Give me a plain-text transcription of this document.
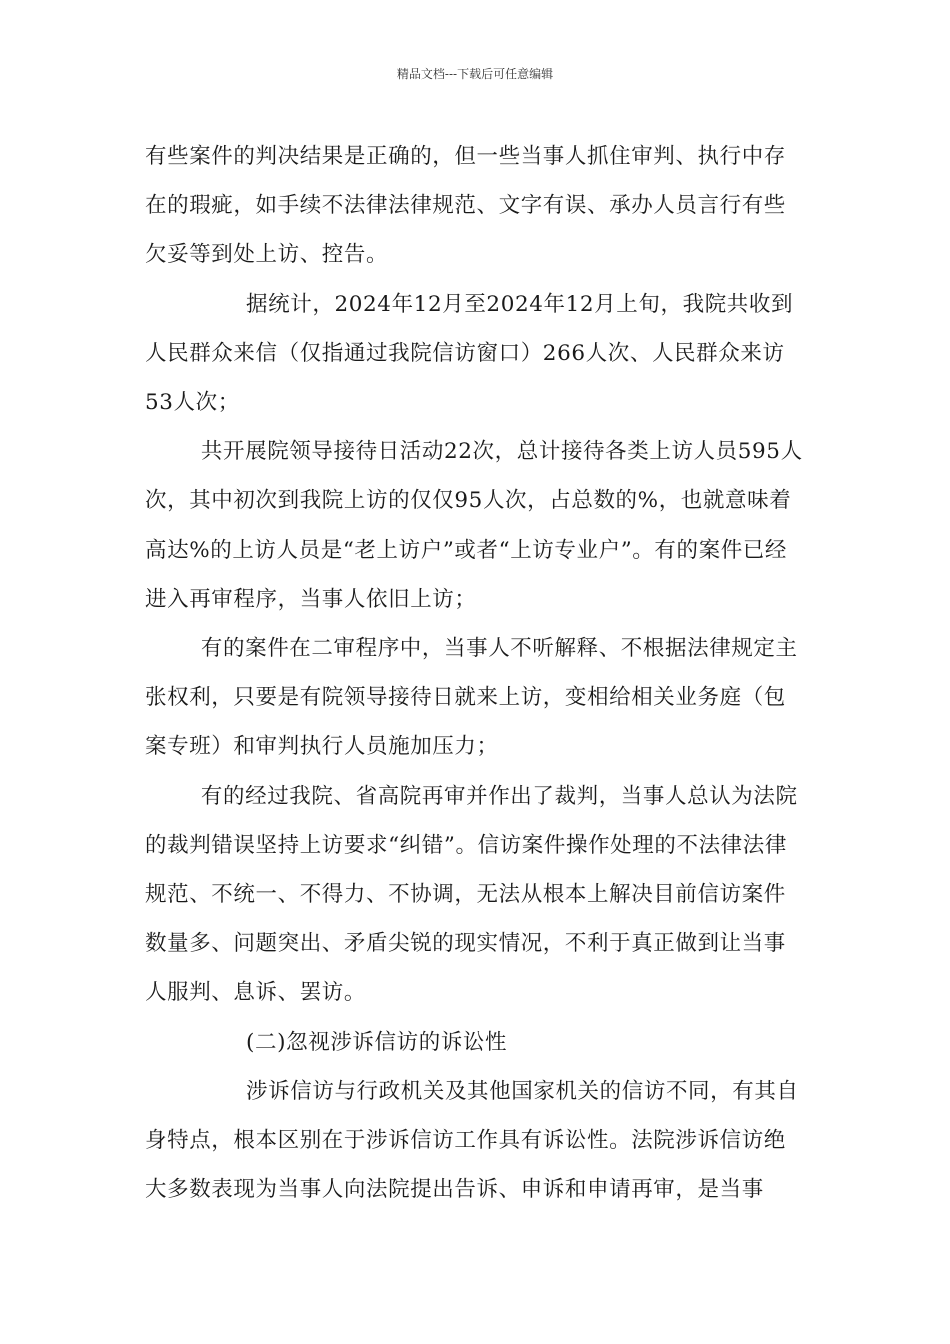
精品文档---下载后可任意编辑

有些案件的判决结果是正确的，但一些当事人抓住审判、执行中存在的瑕疵，如手续不法律法律规范、文字有误、承办人员言行有些欠妥等到处上访、控告。

据统计，2024年12月至2024年12月上旬，我院共收到人民群众来信（仅指通过我院信访窗口）266人次、人民群众来访53人次；

共开展院领导接待日活动22次，总计接待各类上访人员595人次，其中初次到我院上访的仅仅95人次，占总数的%，也就意味着高达%的上访人员是“老上访户”或者“上访专业户”。有的案件已经进入再审程序，当事人依旧上访；

有的案件在二审程序中，当事人不听解释、不根据法律规定主张权利，只要是有院领导接待日就来上访，变相给相关业务庭（包案专班）和审判执行人员施加压力；

有的经过我院、省高院再审并作出了裁判，当事人总认为法院的裁判错误坚持上访要求“纠错”。信访案件操作处理的不法律法律规范、不统一、不得力、不协调，无法从根本上解决目前信访案件数量多、问题突出、矛盾尖锐的现实情况，不利于真正做到让当事人服判、息诉、罢访。

(二)忽视涉诉信访的诉讼性

涉诉信访与行政机关及其他国家机关的信访不同，有其自身特点，根本区别在于涉诉信访工作具有诉讼性。法院涉诉信访绝大多数表现为当事人向法院提出告诉、申诉和申请再审，是当事
